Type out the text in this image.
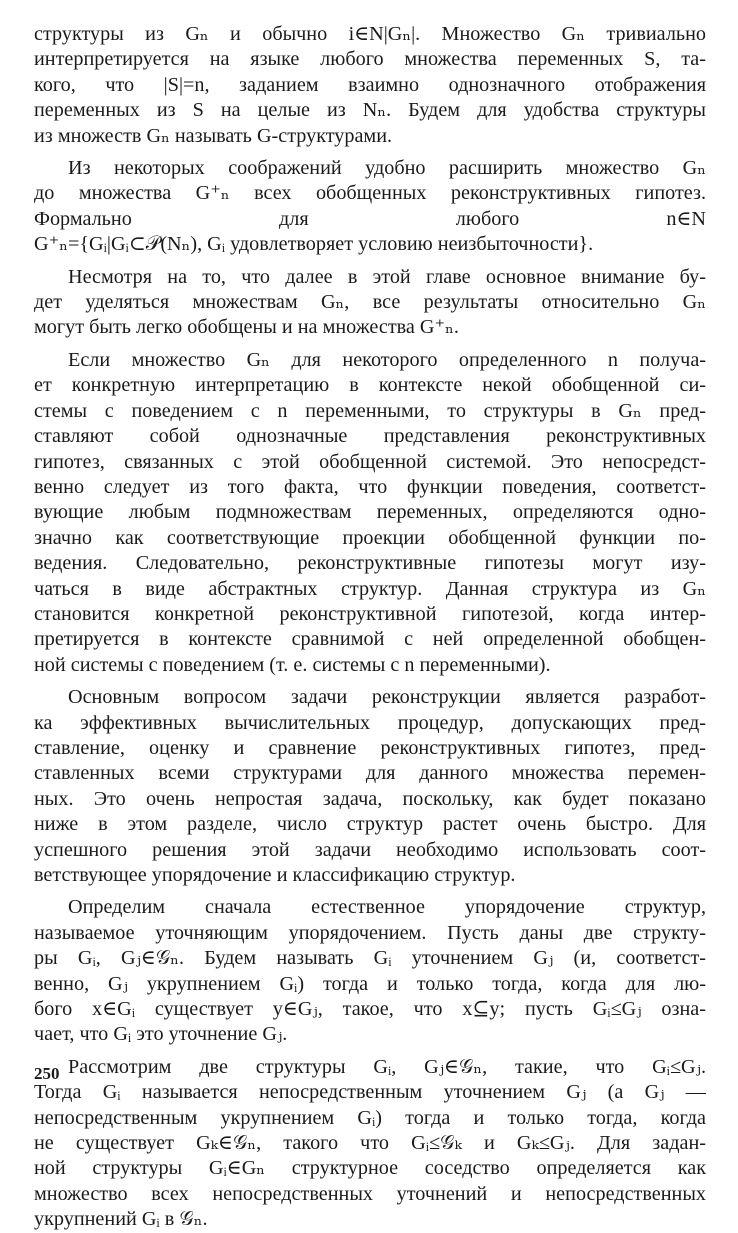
структуры из Gₙ и обычно i∈N|Gₙ|. Множество Gₙ тривиально
интерпретируется на языке любого множества переменных S, та-
кого, что |S|=n, заданием взаимно однозначного отображения
переменных из S на целые из Nₙ. Будем для удобства структуры
из множеств Gₙ называть G-структурами.

Из некоторых соображений удобно расширить множество Gₙ
до множества G⁺ₙ всех обобщенных реконструктивных гипотез.
Формально для любого n∈N
G⁺ₙ={Gᵢ|Gᵢ⊂𝒫(Nₙ), Gᵢ удовлетворяет условию неизбыточности}.

Несмотря на то, что далее в этой главе основное внимание бу-
дет уделяться множествам Gₙ, все результаты относительно Gₙ
могут быть легко обобщены и на множества G⁺ₙ.

Если множество Gₙ для некоторого определенного n получа-
ет конкретную интерпретацию в контексте некой обобщенной си-
стемы с поведением с n переменными, то структуры в Gₙ пред-
ставляют собой однозначные представления реконструктивных
гипотез, связанных с этой обобщенной системой. Это непосредст-
венно следует из того факта, что функции поведения, соответст-
вующие любым подмножествам переменных, определяются одно-
значно как соответствующие проекции обобщенной функции по-
ведения. Следовательно, реконструктивные гипотезы могут изу-
чаться в виде абстрактных структур. Данная структура из Gₙ
становится конкретной реконструктивной гипотезой, когда интер-
претируется в контексте сравнимой с ней определенной обобщен-
ной системы с поведением (т. е. системы с n переменными).

Основным вопросом задачи реконструкции является разработ-
ка эффективных вычислительных процедур, допускающих пред-
ставление, оценку и сравнение реконструктивных гипотез, пред-
ставленных всеми структурами для данного множества перемен-
ных. Это очень непростая задача, поскольку, как будет показано
ниже в этом разделе, число структур растет очень быстро. Для
успешного решения этой задачи необходимо использовать соот-
ветствующее упорядочение и классификацию структур.

Определим сначала естественное упорядочение структур,
называемое уточняющим упорядочением. Пусть даны две структу-
ры Gᵢ, Gⱼ∈𝒢ₙ. Будем называть Gᵢ уточнением Gⱼ (и, соответст-
венно, Gⱼ укрупнением Gᵢ) тогда и только тогда, когда для лю-
бого x∈Gᵢ существует y∈Gⱼ, такое, что x⊆y; пусть Gᵢ≤Gⱼ озна-
чает, что Gᵢ это уточнение Gⱼ.

Рассмотрим две структуры Gᵢ, Gⱼ∈𝒢ₙ, такие, что Gᵢ≤Gⱼ.
Тогда Gᵢ называется непосредственным уточнением Gⱼ (а Gⱼ —
непосредственным укрупнением Gᵢ) тогда и только тогда, когда
не существует Gₖ∈𝒢ₙ, такого что Gᵢ≤𝒢ₖ и Gₖ≤Gⱼ. Для задан-
ной структуры Gᵢ∈Gₙ структурное соседство определяется как
множество всех непосредственных уточнений и непосредственных
укрупнений Gᵢ в 𝒢ₙ.

250
